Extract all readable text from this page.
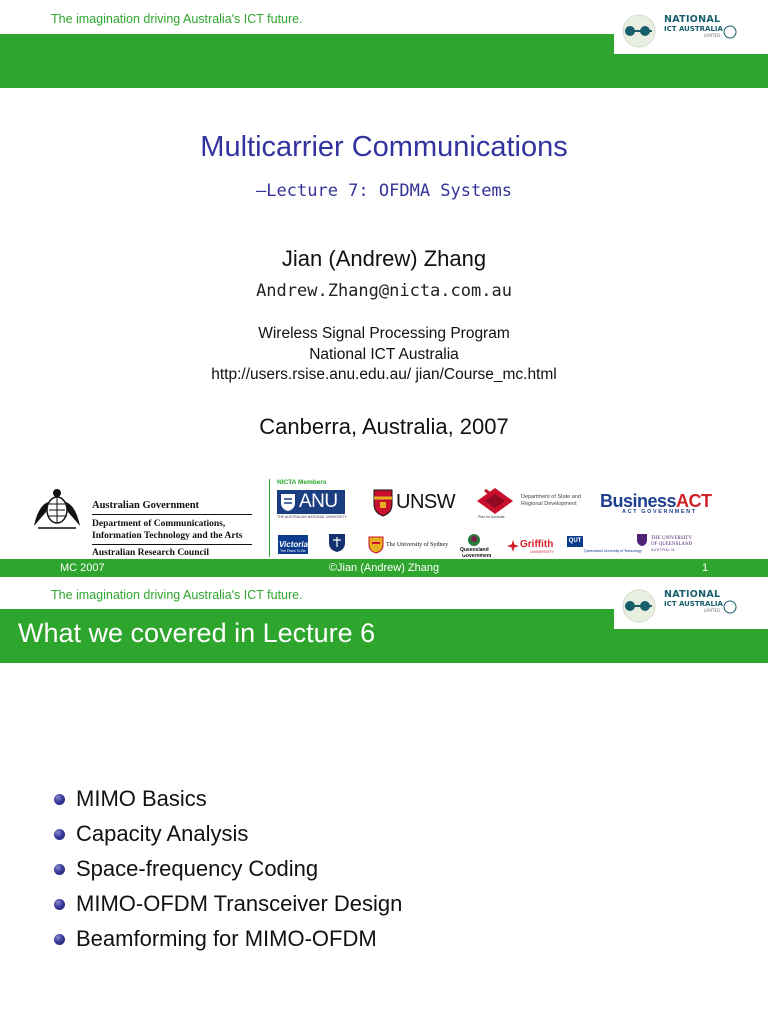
The imagination driving Australia's ICT future.	NATIONAL
ICT AUSTRALIA
LIMITED
Multicarrier Communications
–Lecture 7: OFDMA Systems
Jian (Andrew) Zhang
Andrew.Zhang@nicta.com.au
Wireless Signal Processing Program
National ICT Australia
http://users.rsise.anu.edu.au/ jian/Course_mc.html
Canberra, Australia, 2007
Australian Government
Department of Communications,
Information Technology and the Arts
Australian Research Council
NICTA Members
ANU
THE AUSTRALIAN NATIONAL UNIVERSITY
UNSW	Department of State and
Regional Development
Plan for Australia
BusinessACT
ACT GOVERNMENT
Victoria
The Place To Be
The University of Sydney
Queensland
Government
Griffith
UNIVERSITY
QUT
Queensland University of Technology
THE UNIVERSITY
OF QUEENSLAND
AUSTRALIA
MC 2007	©Jian (Andrew) Zhang	1
The imagination driving Australia's ICT future.	NATIONAL
ICT AUSTRALIA
LIMITED
What we covered in Lecture 6
MIMO Basics
Capacity Analysis
Space-frequency Coding
MIMO-OFDM Transceiver Design
Beamforming for MIMO-OFDM
